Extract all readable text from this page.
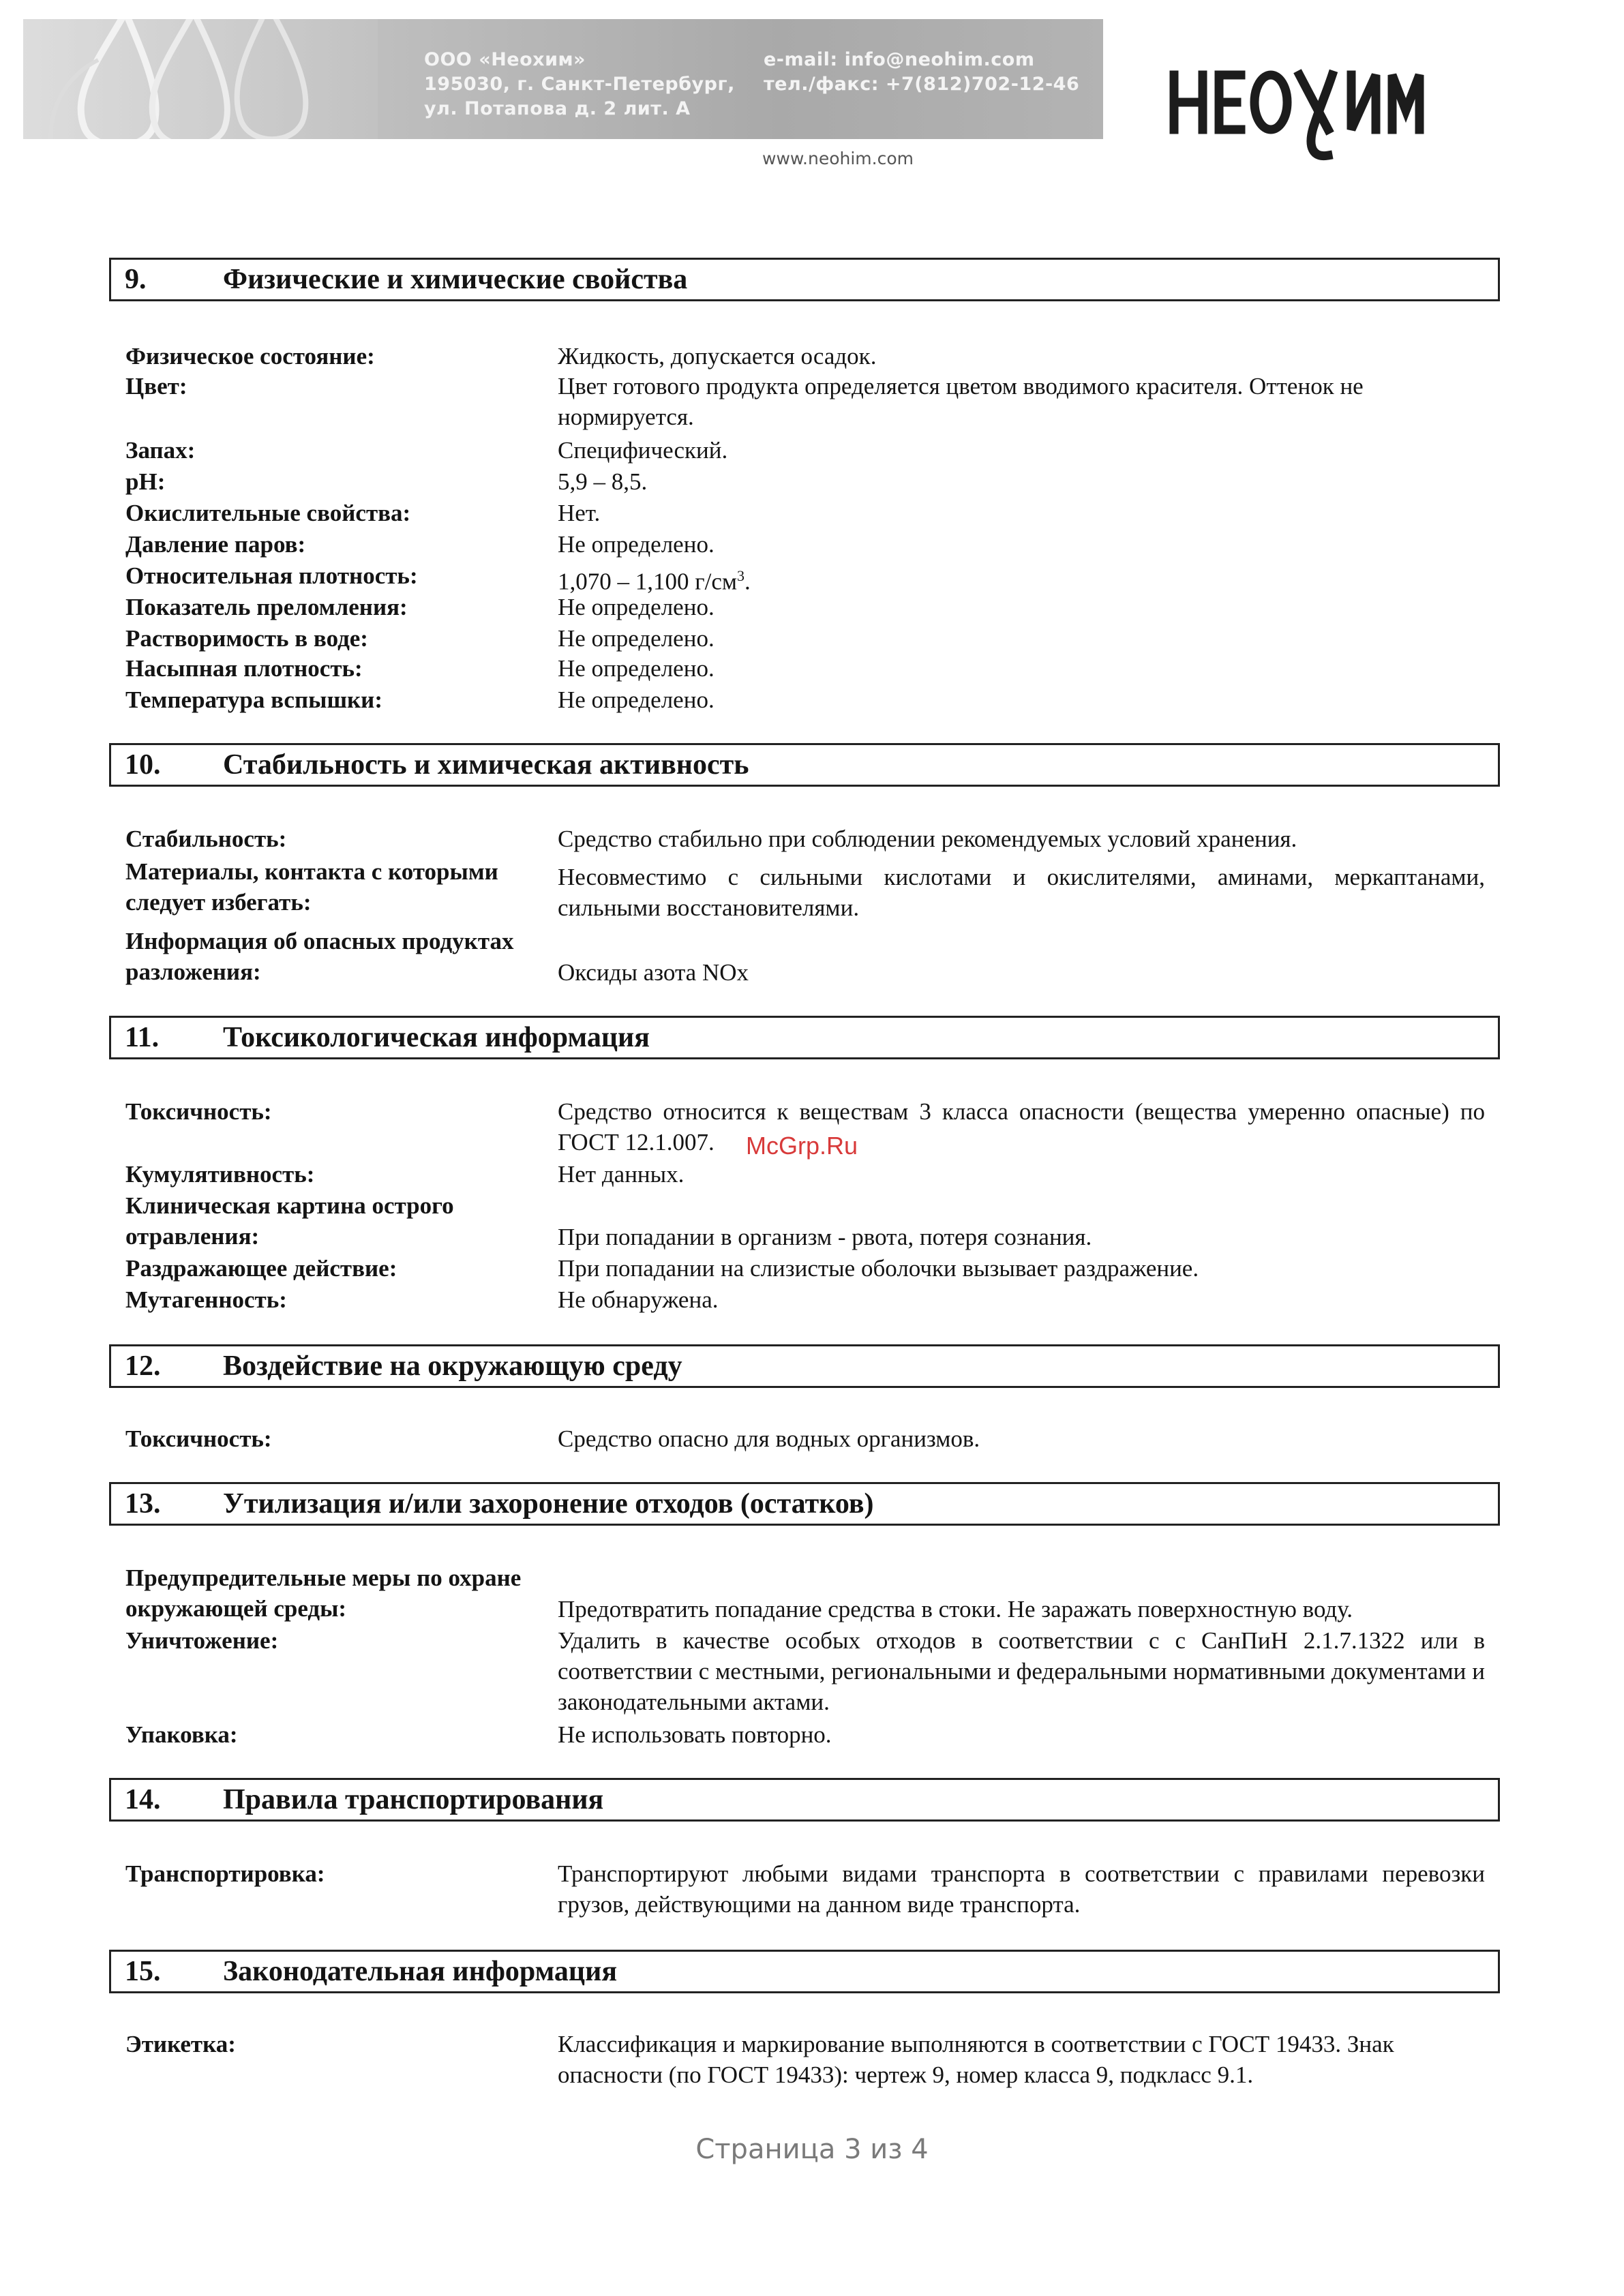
ООО «Неохим»
195030, г. Санкт-Петербург,
ул. Потапова д. 2 лит. А
e-mail: info@neohim.com
тел./факс: +7(812)702-12-46
www.neohim.com
9.	Физические и химические свойства
Физическое состояние:	Жидкость, допускается осадок.
Цвет:	Цвет готового продукта определяется цветом вводимого красителя. Оттенок не нормируется.
Запах:	Специфический.
pH:	5,9 – 8,5.
Окислительные свойства:	Нет.
Давление паров:	Не определено.
Относительная плотность:	1,070 – 1,100 $г/см^3$.
Показатель преломления:	Не определено.
Растворимость в воде:	Не определено.
Насыпная плотность:	Не определено.
Температура вспышки:	Не определено.
10. Стабильность и химическая активность
Стабильность:	Средство стабильно при соблюдении рекомендуемых условий хранения.
Материалы, контакта с которыми следует избегать:
Несовместимо с сильными кислотами и окислителями, аминами, меркаптанами, сильными восстановителями.
Информация об опасных продуктах разложения:	Оксиды азота NOx
11. Токсикологическая информация
Токсичность:	Средство относится к веществам 3 класса опасности (вещества умеренно опасные) по ГОСТ 12.1.007.
Кумулятивность:	Нет данных.
Клиническая картина острого отравления:	При попадании в организм - рвота, потеря сознания.
Раздражающее действие:	При попадании на слизистые оболочки вызывает раздражение.
Мутагенность:	Не обнаружена.
12. Воздействие на окружающую среду
Токсичность:	Средство опасно для водных организмов.
13. Утилизация и/или захоронение отходов (остатков)
Предупредительные меры по охране окружающей среды:	Предотвратить попадание средства в стоки. Не заражать поверхностную воду.
Уничтожение:	Удалить в качестве особых отходов в соответствии с с СанПиН 2.1.7.1322 или в соответствии с местными, региональными и федеральными нормативными документами и законодательными актами.
Упаковка:	Не использовать повторно.
14. Правила транспортирования
Транспортировка:	Транспортируют любыми видами транспорта в соответствии с правилами перевозки грузов, действующими на данном виде транспорта.
15. Законодательная информация
Этикетка:	Классификация и маркирование выполняются в соответствии с ГОСТ 19433. Знак опасности (по ГОСТ 19433): чертеж 9, номер класса 9, подкласс 9.1.
McGrp.Ru
Страница 3 из 4
